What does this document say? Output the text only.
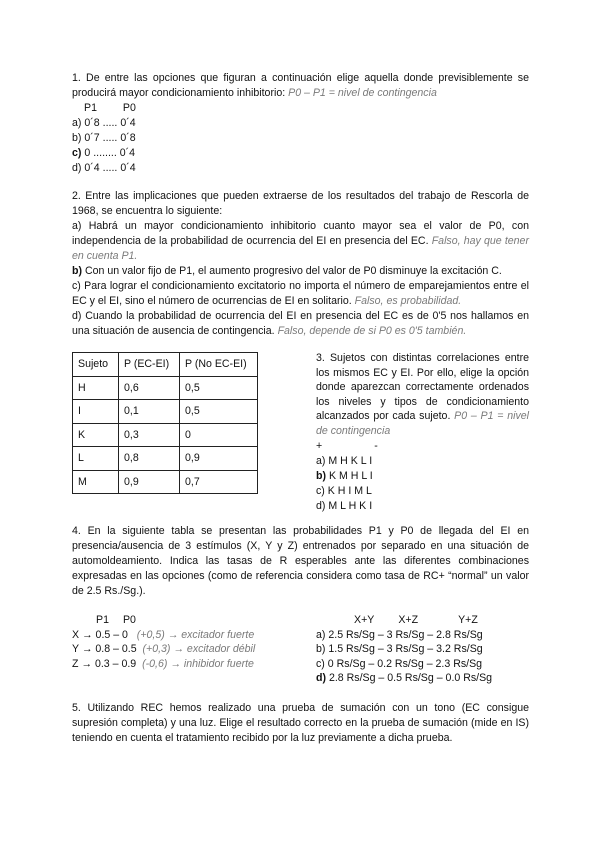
1. De entre las opciones que figuran a continuación elige aquella donde previsiblemente se producirá mayor condicionamiento inhibitorio: P0 – P1 = nivel de contingencia
P1 P0
a) 0´8 ..... 0´4
b) 0´7 ..... 0´8
c) 0 ........ 0´4
d) 0´4 ..... 0´4
2. Entre las implicaciones que pueden extraerse de los resultados del trabajo de Rescorla de 1968, se encuentra lo siguiente:
a) Habrá un mayor condicionamiento inhibitorio cuanto mayor sea el valor de P0, con independencia de la probabilidad de ocurrencia del EI en presencia del EC. Falso, hay que tener en cuenta P1.
b) Con un valor fijo de P1, el aumento progresivo del valor de P0 disminuye la excitación C.
c) Para lograr el condicionamiento excitatorio no importa el número de emparejamientos entre el EC y el EI, sino el número de ocurrencias de EI en solitario. Falso, es probabilidad.
d) Cuando la probabilidad de ocurrencia del EI en presencia del EC es de 0'5 nos hallamos en una situación de ausencia de contingencia. Falso, depende de si P0 es 0'5 también.
Sujeto	P (EC-EI)	P (No EC-EI)
H	0,6	0,5
I	0,1	0,5
K	0,3	0
L	0,8	0,9
M	0,9	0,7
3. Sujetos con distintas correlaciones entre los mismos EC y EI. Por ello, elige la opción donde aparezcan correctamente ordenados los niveles y tipos de condicionamiento alcanzados por cada sujeto. P0 – P1 = nivel de contingencia
+	-
a) M H K L I
b) K M H L I
c) K H I M L
d) M L H K I
4. En la siguiente tabla se presentan las probabilidades P1 y P0 de llegada del EI en presencia/ausencia de 3 estímulos (X, Y y Z) entrenados por separado en una situación de automoldeamiento. Indica las tasas de R esperables ante las diferentes combinaciones expresadas en las opciones (como de referencia considera como tasa de RC+ “normal” un valor de 2.5 Rs./Sg.).
P1 P0
X → 0.5 – 0 (+0,5) → excitador fuerte
Y → 0.8 – 0.5 (+0,3) → excitador débil
Z → 0.3 – 0.9 (-0,6) → inhibidor fuerte
X+Y X+Z	Y+Z
a) 2.5 Rs/Sg – 3 Rs/Sg – 2.8 Rs/Sg
b) 1.5 Rs/Sg – 3 Rs/Sg – 3.2 Rs/Sg
c) 0 Rs/Sg – 0.2 Rs/Sg – 2.3 Rs/Sg
d) 2.8 Rs/Sg – 0.5 Rs/Sg – 0.0 Rs/Sg
5. Utilizando REC hemos realizado una prueba de sumación con un tono (EC consigue supresión completa) y una luz. Elige el resultado correcto en la prueba de sumación (mide en IS) teniendo en cuenta el tratamiento recibido por la luz previamente a dicha prueba.
